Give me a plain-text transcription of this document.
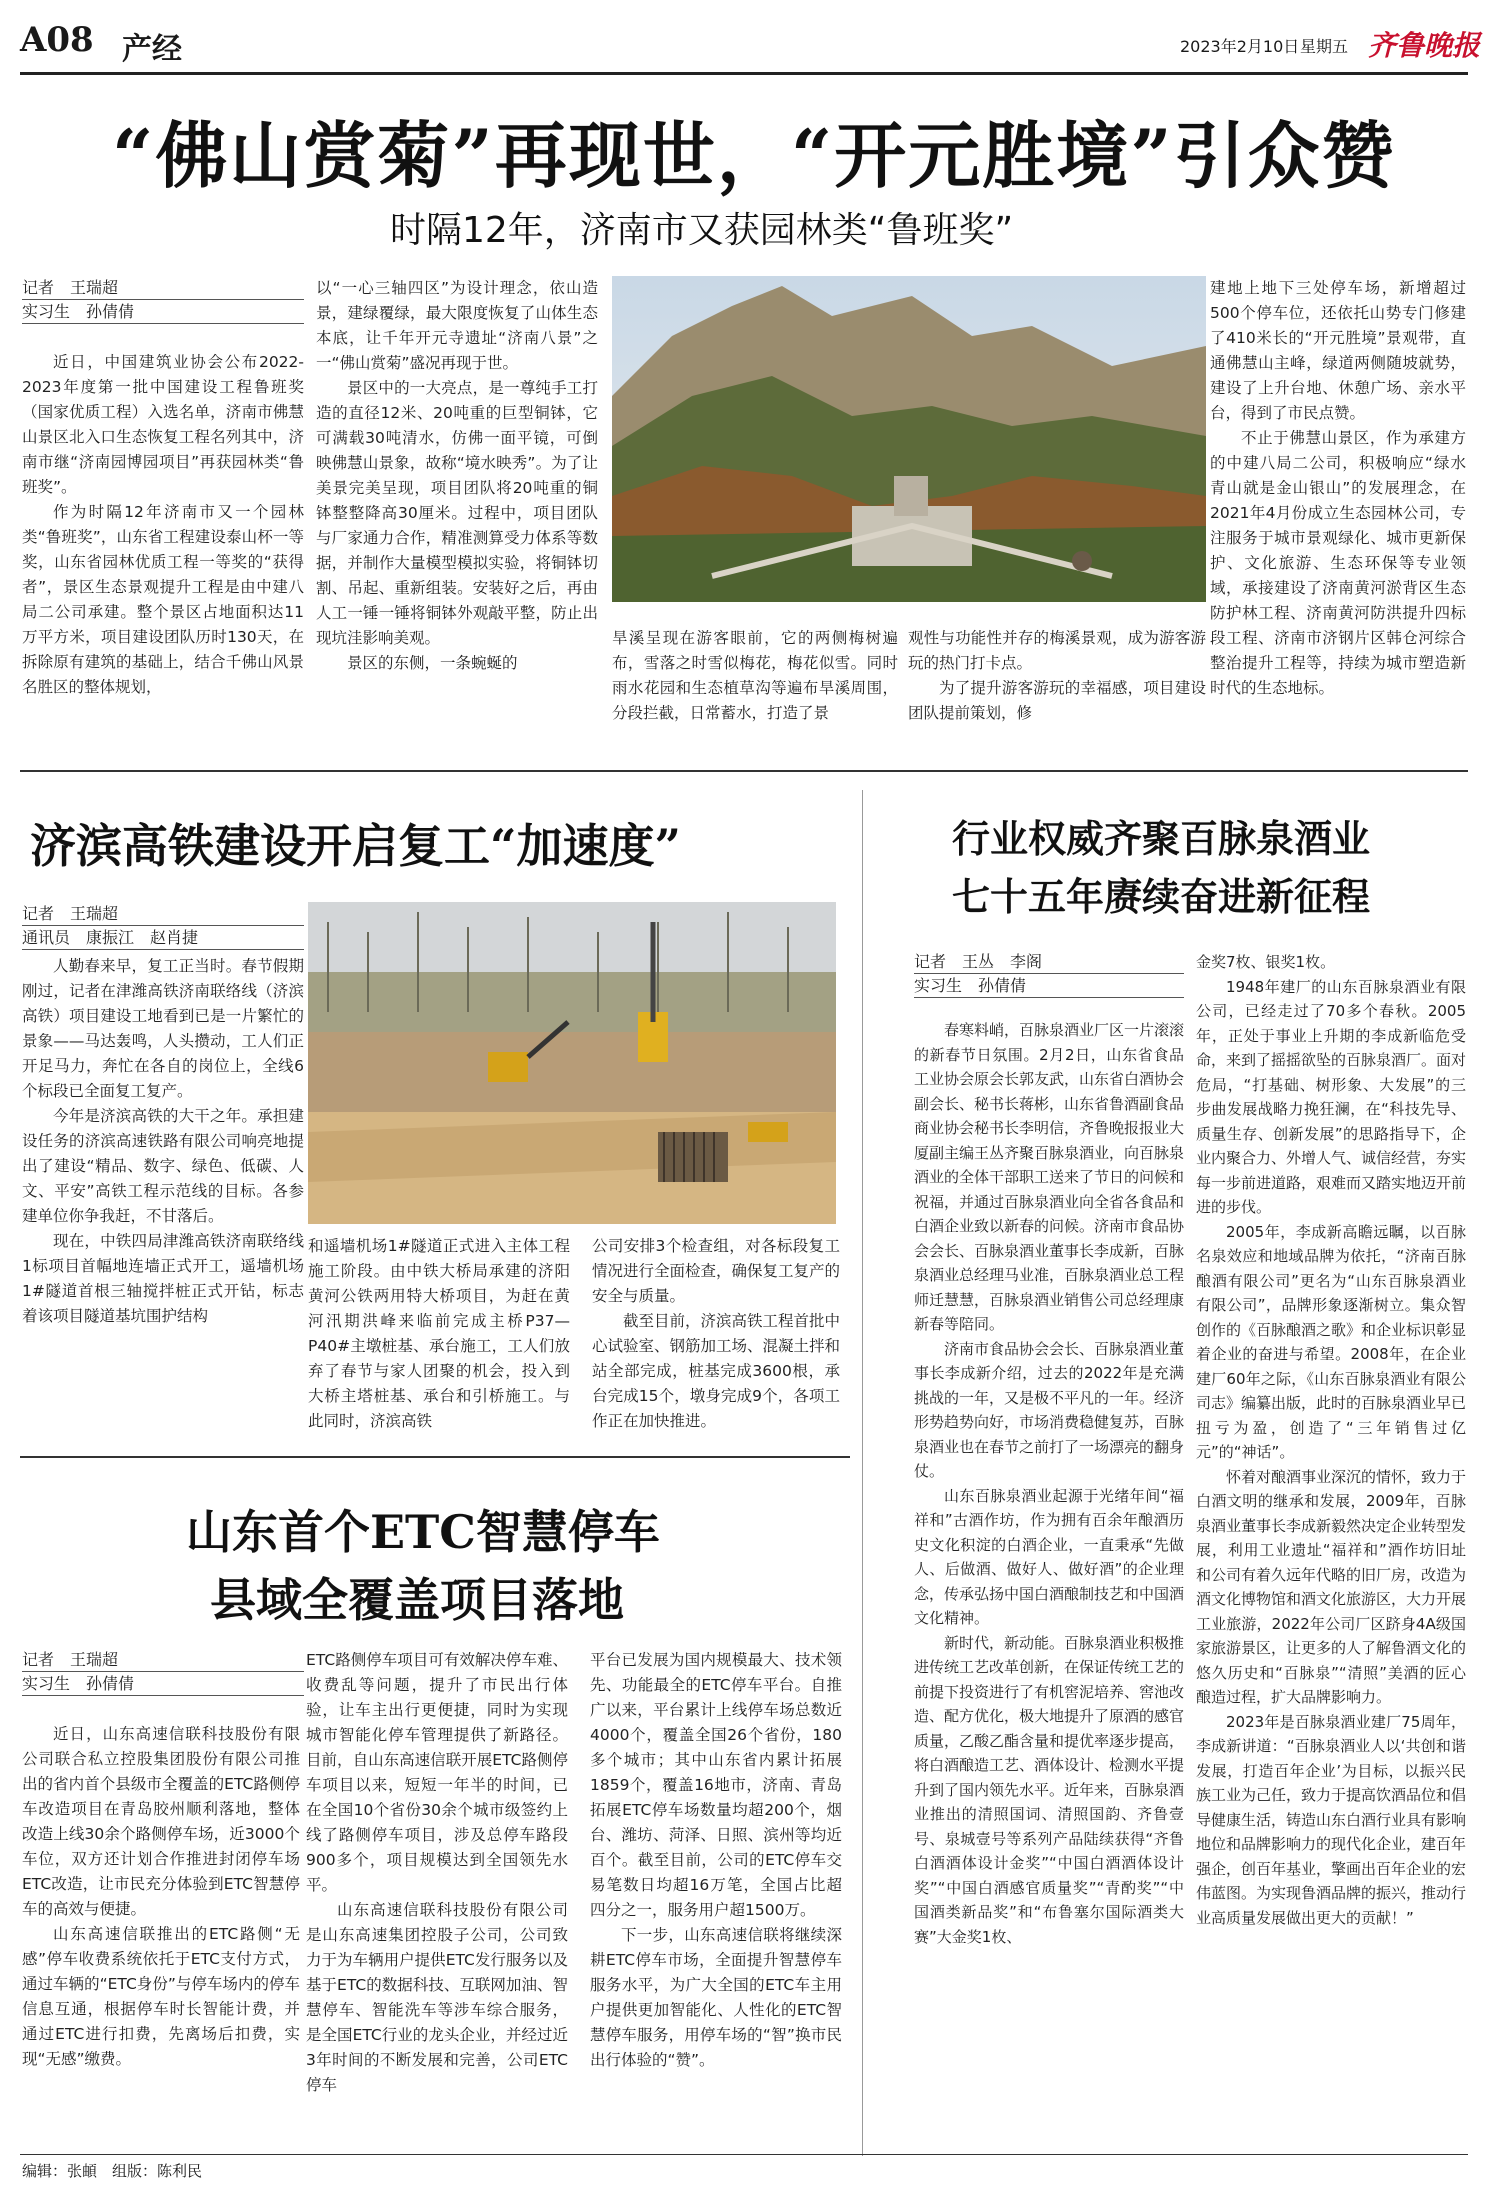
A08 产经	2023年2月10日 星期五 齐鲁晚报
“佛山赏菊”再现世，“开元胜境”引众赞
时隔12年，济南市又获园林类“鲁班奖”
记者　王瑞超
实习生　孙倩倩

近日，中国建筑业协会公布2022-2023年度第一批中国建设工程鲁班奖（国家优质工程）入选名单，济南市佛慧山景区北入口生态恢复工程名列其中，济南市继“济南园博园项目”再获园林类“鲁班奖”。

作为时隔12年济南市又一个园林类“鲁班奖”，山东省工程建设泰山杯一等奖，山东省园林优质工程一等奖的“获得者”，景区生态景观提升工程是由中建八局二公司承建。整个景区占地面积达11万平方米，项目建设团队历时130天，在拆除原有建筑的基础上，结合千佛山风景名胜区的整体规划，

以“一心三轴四区”为设计理念，依山造景，建绿覆绿，最大限度恢复了山体生态本底，让千年开元寺遗址“济南八景”之一“佛山赏菊”盛况再现于世。

景区中的一大亮点，是一尊纯手工打造的直径12米、20吨重的巨型铜钵，它可满载30吨清水，仿佛一面平镜，可倒映佛慧山景象，故称“境水映秀”。为了让美景完美呈现，项目团队将20吨重的铜钵整整降高30厘米。过程中，项目团队与厂家通力合作，精准测算受力体系等数据，并制作大量模型模拟实验，将铜钵切割、吊起、重新组装。安装好之后，再由人工一锤一锤将铜钵外观敲平整，防止出现坑洼影响美观。

景区的东侧，一条蜿蜒的

旱溪呈现在游客眼前，它的两侧梅树遍布，雪落之时雪似梅花，梅花似雪。同时雨水花园和生态植草沟等遍布旱溪周围，分段拦截，日常蓄水，打造了景

观性与功能性并存的梅溪景观，成为游客游玩的热门打卡点。

为了提升游客游玩的幸福感，项目建设团队提前策划，修

建地上地下三处停车场，新增超过500个停车位，还依托山势专门修建了410米长的“开元胜境”景观带，直通佛慧山主峰，绿道两侧随坡就势，建设了上升台地、休憩广场、亲水平台，得到了市民点赞。

不止于佛慧山景区，作为承建方的中建八局二公司，积极响应“绿水青山就是金山银山”的发展理念，在2021年4月份成立生态园林公司，专注服务于城市景观绿化、城市更新保护、文化旅游、生态环保等专业领域，承接建设了济南黄河淤背区生态防护林工程、济南黄河防洪提升四标段工程、济南市济钢片区韩仓河综合整治提升工程等，持续为城市塑造新时代的生态地标。

济滨高铁建设开启复工“加速度”
记者　王瑞超
通讯员　康振江　赵肖捷

人勤春来早，复工正当时。春节假期刚过，记者在津潍高铁济南联络线（济滨高铁）项目建设工地看到已是一片繁忙的景象——马达轰鸣，人头攒动，工人们正开足马力，奔忙在各自的岗位上，全线6个标段已全面复工复产。

今年是济滨高铁的大干之年。承担建设任务的济滨高速铁路有限公司响亮地提出了建设“精品、数字、绿色、低碳、人文、平安”高铁工程示范线的目标。各参建单位你争我赶，不甘落后。

现在，中铁四局津潍高铁济南联络线1标项目首幅地连墙正式开工，遥墙机场1#隧道首根三轴搅拌桩正式开钻，标志着该项目隧道基坑围护结构

和遥墙机场1#隧道正式进入主体工程施工阶段。由中铁大桥局承建的济阳黄河公铁两用特大桥项目，为赶在黄河汛期洪峰来临前完成主桥P37—P40#主墩桩基、承台施工，工人们放弃了春节与家人团聚的机会，投入到大桥主塔桩基、承台和引桥施工。与此同时，济滨高铁

公司安排3个检查组，对各标段复工情况进行全面检查，确保复工复产的安全与质量。

截至目前，济滨高铁工程首批中心试验室、钢筋加工场、混凝土拌和站全部完成，桩基完成3600根，承台完成15个，墩身完成9个，各项工作正在加快推进。

山东首个ETC智慧停车
县域全覆盖项目落地
记者　王瑞超
实习生　孙倩倩

近日，山东高速信联科技股份有限公司联合私立控股集团股份有限公司推出的省内首个县级市全覆盖的ETC路侧停车改造项目在青岛胶州顺利落地，整体改造上线30余个路侧停车场，近3000个车位，双方还计划合作推进封闭停车场ETC改造，让市民充分体验到ETC智慧停车的高效与便捷。

山东高速信联推出的ETC路侧“无感”停车收费系统依托于ETC支付方式，通过车辆的“ETC身份”与停车场内的停车信息互通，根据停车时长智能计费，并通过ETC进行扣费，先离场后扣费，实现“无感”缴费。

ETC路侧停车项目可有效解决停车难、收费乱等问题，提升了市民出行体验，让车主出行更便捷，同时为实现城市智能化停车管理提供了新路径。目前，自山东高速信联开展ETC路侧停车项目以来，短短一年半的时间，已在全国10个省份30余个城市级签约上线了路侧停车项目，涉及总停车路段900多个，项目规模达到全国领先水平。

山东高速信联科技股份有限公司是山东高速集团控股子公司，公司致力于为车辆用户提供ETC发行服务以及基于ETC的数据科技、互联网加油、智慧停车、智能洗车等涉车综合服务，是全国ETC行业的龙头企业，并经过近3年时间的不断发展和完善，公司ETC停车

平台已发展为国内规模最大、技术领先、功能最全的ETC停车平台。自推广以来，平台累计上线停车场总数近4000个，覆盖全国26个省份，180多个城市；其中山东省内累计拓展1859个，覆盖16地市，济南、青岛拓展ETC停车场数量均超200个，烟台、潍坊、菏泽、日照、滨州等均近百个。截至目前，公司的ETC停车交易笔数日均超16万笔，全国占比超四分之一，服务用户超1500万。

下一步，山东高速信联将继续深耕ETC停车市场，全面提升智慧停车服务水平，为广大全国的ETC车主用户提供更加智能化、人性化的ETC智慧停车服务，用停车场的“智”换市民出行体验的“赞”。

行业权威齐聚百脉泉酒业
七十五年赓续奋进新征程
记者　王丛　李阁
实习生　孙倩倩

春寒料峭，百脉泉酒业厂区一片滚滚的新春节日氛围。2月2日，山东省食品工业协会原会长郭友武，山东省白酒协会副会长、秘书长蒋彬，山东省鲁酒副食品商业协会秘书长李明信，齐鲁晚报报业大厦副主编王丛齐聚百脉泉酒业，向百脉泉酒业的全体干部职工送来了节日的问候和祝福，并通过百脉泉酒业向全省各食品和白酒企业致以新春的问候。济南市食品协会会长、百脉泉酒业董事长李成新，百脉泉酒业总经理马业准，百脉泉酒业总工程师迁慧慧，百脉泉酒业销售公司总经理康新春等陪同。

济南市食品协会会长、百脉泉酒业董事长李成新介绍，过去的2022年是充满挑战的一年，又是极不平凡的一年。经济形势趋势向好，市场消费稳健复苏，百脉泉酒业也在春节之前打了一场漂亮的翻身仗。

山东百脉泉酒业起源于光绪年间“福祥和”古酒作坊，作为拥有百余年酿酒历史文化积淀的白酒企业，一直秉承“先做人、后做酒、做好人、做好酒”的企业理念，传承弘扬中国白酒酿制技艺和中国酒文化精神。

新时代，新动能。百脉泉酒业积极推进传统工艺改革创新，在保证传统工艺的前提下投资进行了有机窖泥培养、窖池改造、配方优化，极大地提升了原酒的感官质量，乙酸乙酯含量和提优率逐步提高，将白酒酿造工艺、酒体设计、检测水平提升到了国内领先水平。近年来，百脉泉酒业推出的清照国词、清照国韵、齐鲁壹号、泉城壹号等系列产品陆续获得“齐鲁白酒酒体设计金奖”“中国白酒酒体设计奖”“中国白酒感官质量奖”“青酌奖”“中国酒类新品奖”和“布鲁塞尔国际酒类大赛”大金奖1枚、

金奖7枚、银奖1枚。

1948年建厂的山东百脉泉酒业有限公司，已经走过了70多个春秋。2005年，正处于事业上升期的李成新临危受命，来到了摇摇欲坠的百脉泉酒厂。面对危局，“打基础、树形象、大发展”的三步曲发展战略力挽狂澜，在“科技先导、质量生存、创新发展”的思路指导下，企业内聚合力、外增人气、诚信经营，夯实每一步前进道路，艰难而又踏实地迈开前进的步伐。

2005年，李成新高瞻远瞩，以百脉名泉效应和地域品牌为依托，“济南百脉酿酒有限公司”更名为“山东百脉泉酒业有限公司”，品牌形象逐渐树立。集众智创作的《百脉酿酒之歌》和企业标识彰显着企业的奋进与希望。2008年，在企业建厂60年之际，《山东百脉泉酒业有限公司志》编纂出版，此时的百脉泉酒业早已扭亏为盈，创造了“三年销售过亿元”的“神话”。

怀着对酿酒事业深沉的情怀，致力于白酒文明的继承和发展，2009年，百脉泉酒业董事长李成新毅然决定企业转型发展，利用工业遗址“福祥和”酒作坊旧址和公司有着久远年代略的旧厂房，改造为酒文化博物馆和酒文化旅游区，大力开展工业旅游，2022年公司厂区跻身4A级国家旅游景区，让更多的人了解鲁酒文化的悠久历史和“百脉泉”“清照”美酒的匠心酿造过程，扩大品牌影响力。

2023年是百脉泉酒业建厂75周年，李成新讲道：“百脉泉酒业人以‘共创和谐发展，打造百年企业’为目标，以振兴民族工业为己任，致力于提高饮酒品位和倡导健康生活，铸造山东白酒行业具有影响地位和品牌影响力的现代化企业，建百年强企，创百年基业，擎画出百年企业的宏伟蓝图。为实现鲁酒品牌的振兴，推动行业高质量发展做出更大的贡献！”

编辑：张頔　组版：陈利民
